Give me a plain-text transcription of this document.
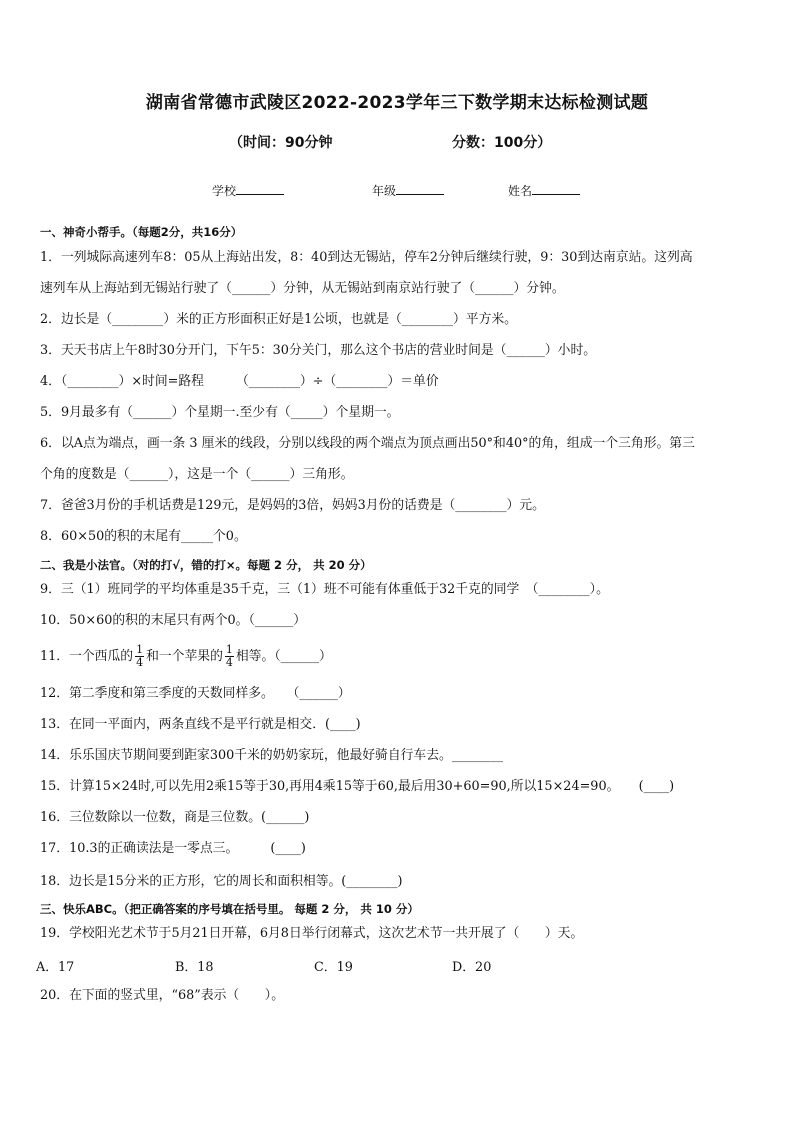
湖南省常德市武陵区2022-2023学年三下数学期末达标检测试题
（时间：90分钟	分数：100分）
学校	年级	姓名
一、神奇小帮手。（每题2分，共16分）
1．一列城际高速列车8：05从上海站出发，8：40到达无锡站，停车2分钟后继续行驶，9：30到达南京站。这列高
速列车从上海站到无锡站行驶了（______）分钟，从无锡站到南京站行驶了（______）分钟。
2．边长是（________）米的正方形面积正好是1公顷，也就是（________）平方米。
3．天天书店上午8时30分开门，下午5：30分关门，那么这个书店的营业时间是（______）小时。
4．（________）×时间=路程　　　（________）÷（________）＝单价
5．9月最多有（______）个星期一.至少有（_____）个星期一。
6．以A点为端点，画一条 3 厘米的线段，分别以线段的两个端点为顶点画出50°和40°的角，组成一个三角形。第三
个角的度数是（______），这是一个（______）三角形。
7．爸爸3月份的手机话费是129元，是妈妈的3倍，妈妈3月份的话费是（________）元。
8．60×50的积的末尾有_____个0。
二、我是小法官。（对的打√，错的打×。每题 2 分， 共 20 分）
9．三（1）班同学的平均体重是35千克，三（1）班不可能有体重低于32千克的同学　（________）。
10．50×60的积的末尾只有两个0。（______）
11．一个西瓜的 $\frac{1}{4}$ 和一个苹果的 $\frac{1}{4}$ 相等。（______）
12．第二季度和第三季度的天数同样多。　　（______）
13．在同一平面内，两条直线不是平行就是相交．(____)
14．乐乐国庆节期间要到距家300千米的奶奶家玩，他最好骑自行车去。________
15．计算15×24时,可以先用2乘15等于30,再用4乘15等于60,最后用30+60=90,所以15×24=90。　　(____)
16．三位数除以一位数，商是三位数。(______)
17．10.3的正确读法是一零点三。　　　(____)
18．边长是15分米的正方形，它的周长和面积相等。(________)
三、快乐ABC。（把正确答案的序号填在括号里。 每题 2 分， 共 10 分）
19．学校阳光艺术节于5月21日开幕，6月8日举行闭幕式，这次艺术节一共开展了（　　）天。
A．17	B．18	C．19	D．20
20．在下面的竖式里，“68”表示（　　）。
